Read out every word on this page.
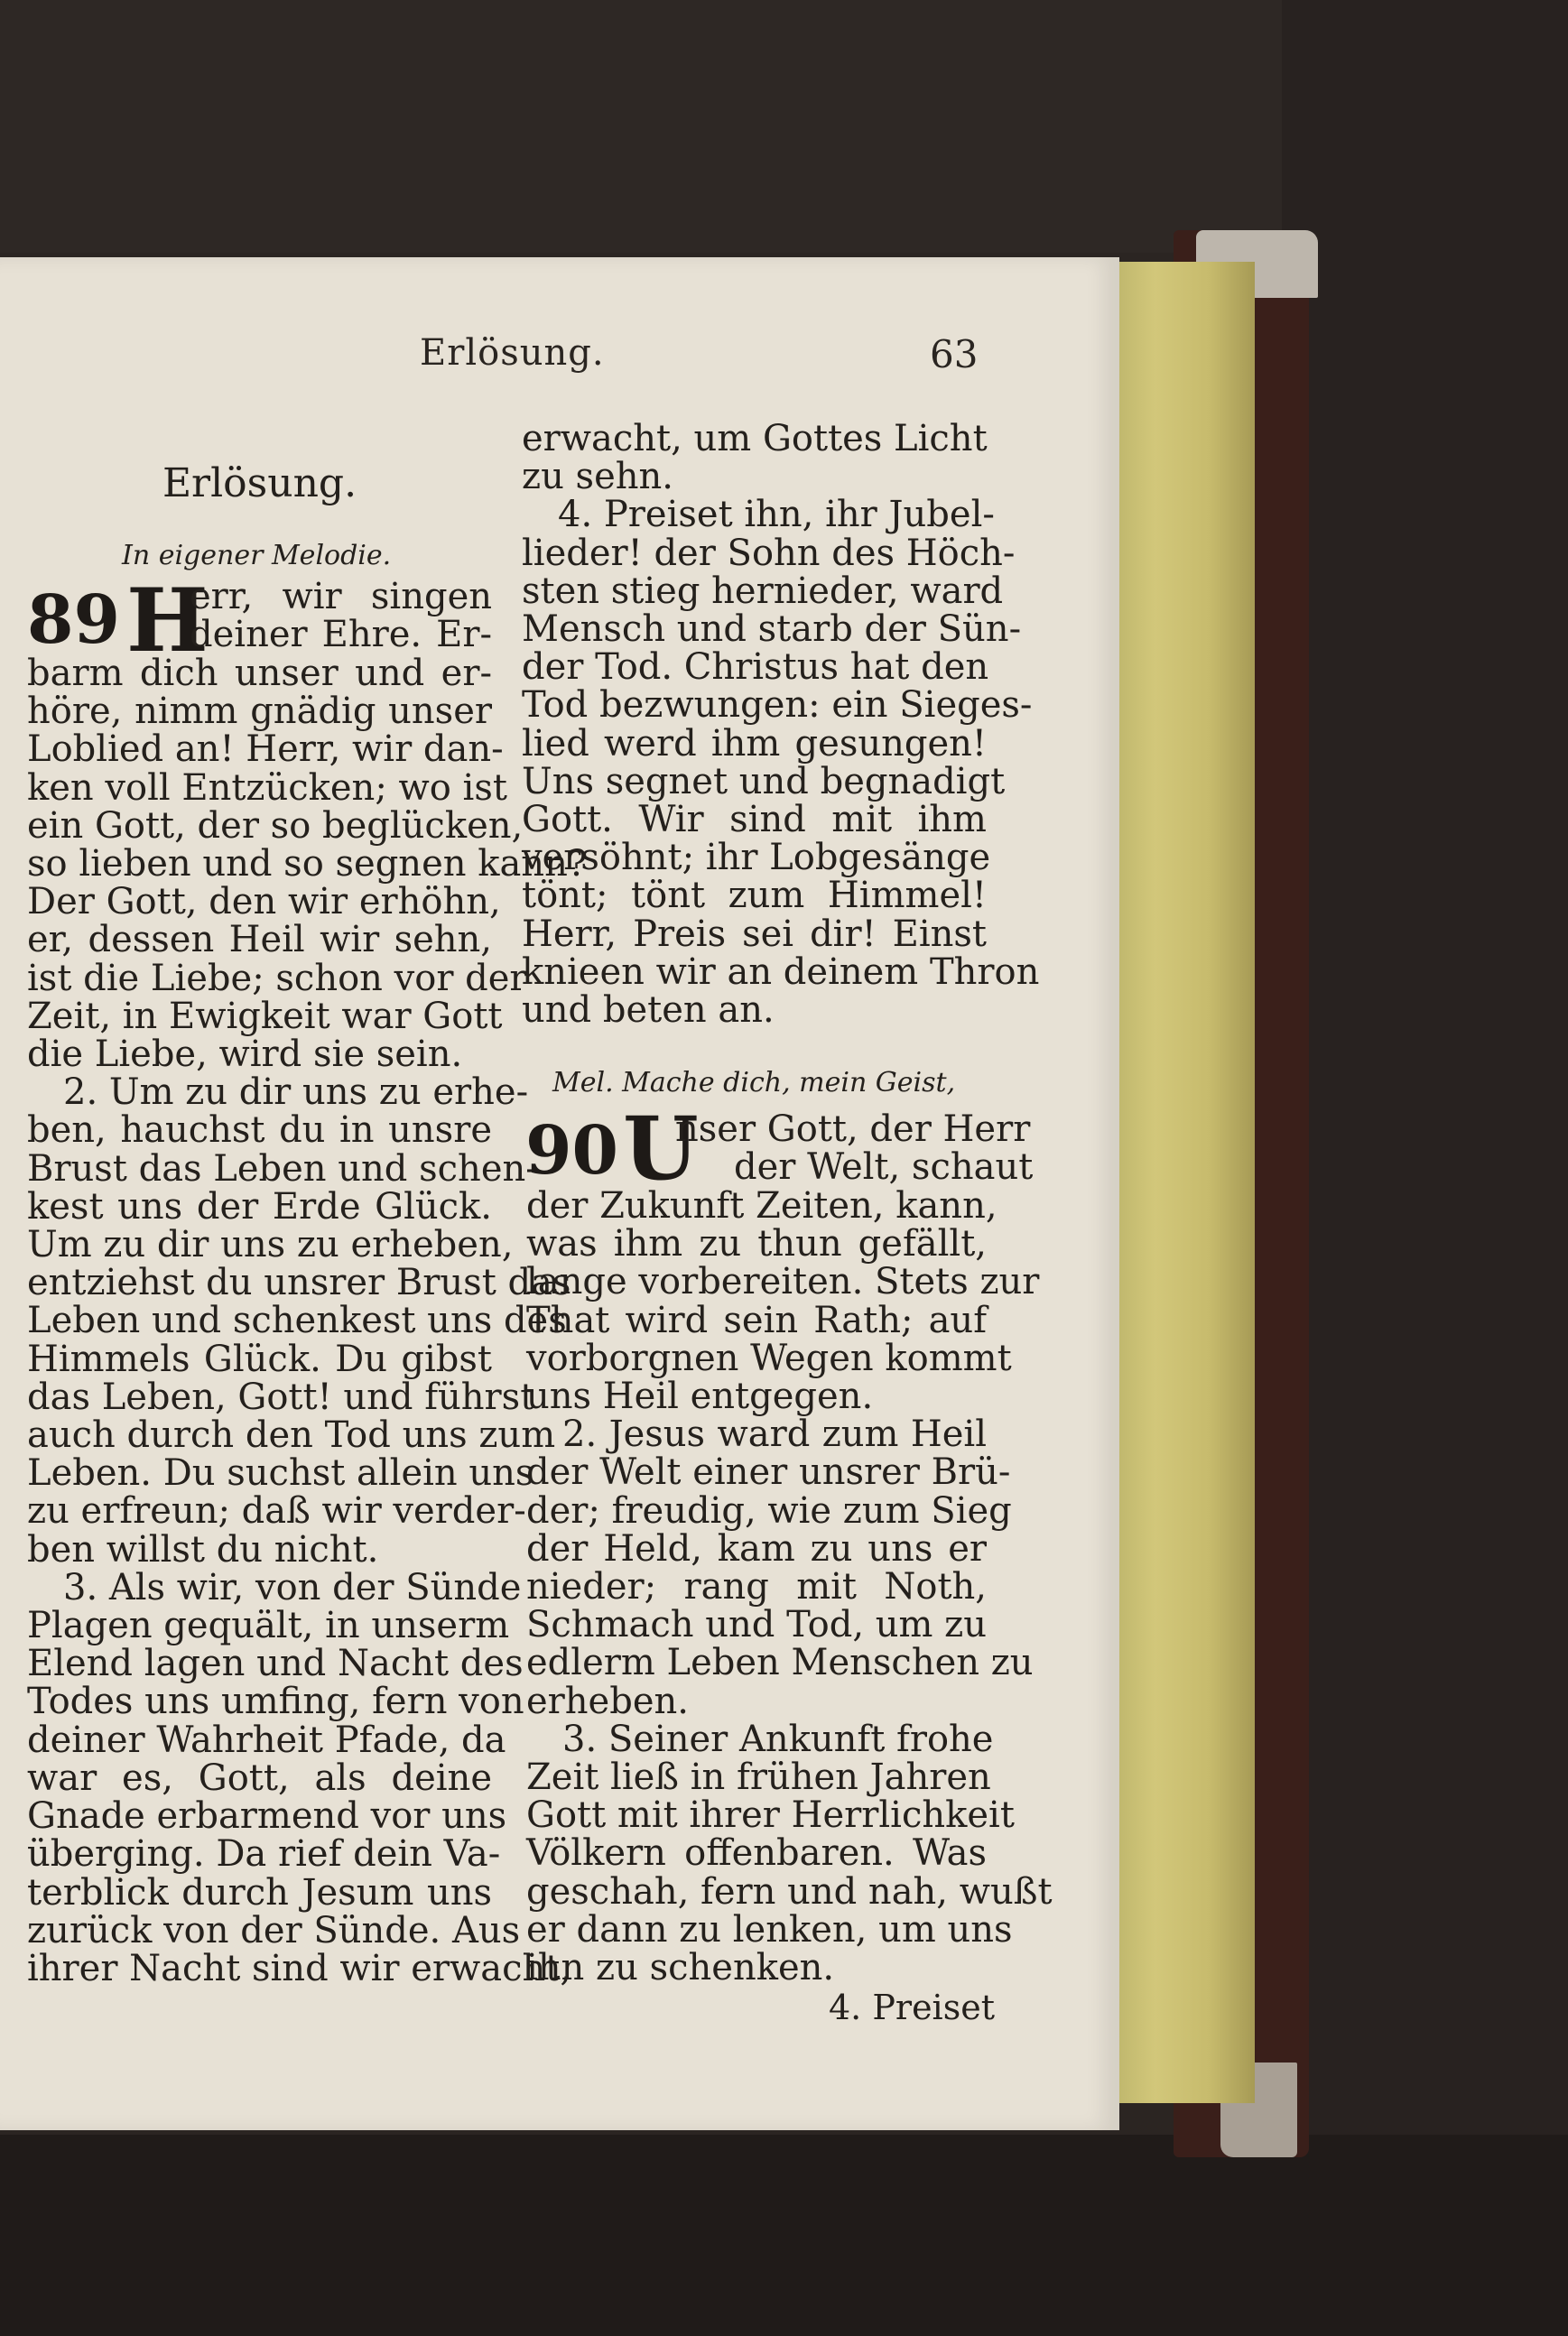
Erlösung.	63
Erlösung.
In eigener Melodie.
89 H
err, wir singen
deiner Ehre. Er-
barm dich unser und er-
höre, nimm gnädig unser
Loblied an! Herr, wir dan-
ken voll Entzücken; wo ist
ein Gott, der so beglücken,
so lieben und so segnen kann?
Der Gott, den wir erhöhn,
er, dessen Heil wir sehn,
ist die Liebe; schon vor der
Zeit, in Ewigkeit war Gott
die Liebe, wird sie sein.
2. Um zu dir uns zu erhe-
ben, hauchst du in unsre
Brust das Leben und schen-
kest uns der Erde Glück.
Um zu dir uns zu erheben,
entziehst du unsrer Brust das
Leben und schenkest uns des
Himmels Glück. Du gibst
das Leben, Gott! und führst
auch durch den Tod uns zum
Leben. Du suchst allein uns
zu erfreun; daß wir verder-
ben willst du nicht.
3. Als wir, von der Sünde
Plagen gequält, in unserm
Elend lagen und Nacht des
Todes uns umfing, fern von
deiner Wahrheit Pfade, da
war es, Gott, als deine
Gnade erbarmend vor uns
überging. Da rief dein Va-
terblick durch Jesum uns
zurück von der Sünde. Aus
ihrer Nacht sind wir erwacht,
erwacht, um Gottes Licht
zu sehn.
4. Preiset ihn, ihr Jubel-
lieder! der Sohn des Höch-
sten stieg hernieder, ward
Mensch und starb der Sün-
der Tod. Christus hat den
Tod bezwungen: ein Sieges-
lied werd ihm gesungen!
Uns segnet und begnadigt
Gott. Wir sind mit ihm
versöhnt; ihr Lobgesänge
tönt; tönt zum Himmel!
Herr, Preis sei dir! Einst
knieen wir an deinem Thron
und beten an.
Mel. Mache dich, mein Geist,
90 U
nser Gott, der Herr
der Welt, schaut
der Zukunft Zeiten, kann,
was ihm zu thun gefällt,
lange vorbereiten. Stets zur
That wird sein Rath; auf
vorborgnen Wegen kommt
uns Heil entgegen.
2. Jesus ward zum Heil
der Welt einer unsrer Brü-
der; freudig, wie zum Sieg
der Held, kam zu uns er
nieder; rang mit Noth,
Schmach und Tod, um zu
edlerm Leben Menschen zu
erheben.
3. Seiner Ankunft frohe
Zeit ließ in frühen Jahren
Gott mit ihrer Herrlichkeit
Völkern offenbaren. Was
geschah, fern und nah, wußt
er dann zu lenken, um uns
ihn zu schenken.
4. Preiset
